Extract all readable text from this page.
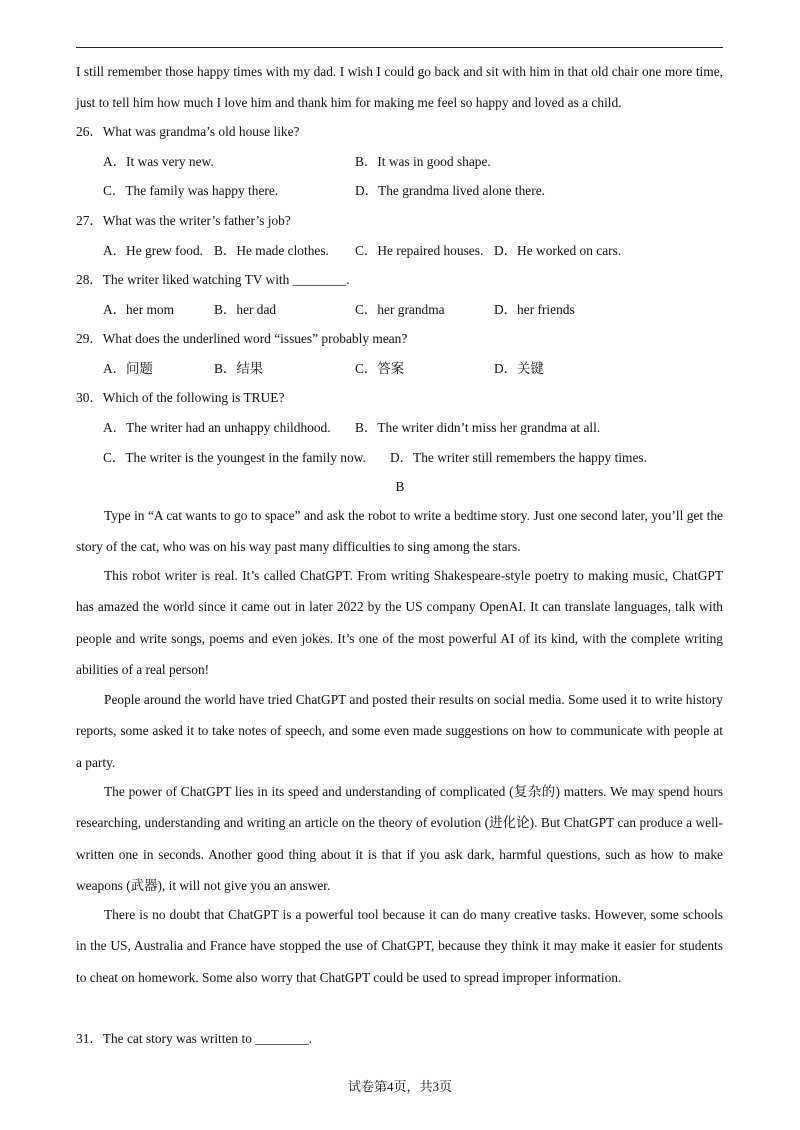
I still remember those happy times with my dad. I wish I could go back and sit with him in that old chair one more time, just to tell him how much I love him and thank him for making me feel so happy and loved as a child.

26．What was grandma’s old house like?
A．It was very new.	B．It was in good shape.
C．The family was happy there.	D．The grandma lived alone there.
27．What was the writer’s father’s job?
A．He grew food. B．He made clothes. C．He repaired houses. D．He worked on cars.
28．The writer liked watching TV with ________.
A．her mom	B．her dad	C．her grandma	D．her friends
29．What does the underlined word “issues” probably mean?
A．问题	B．结果	C．答案	D．关键
30．Which of the following is TRUE?
A．The writer had an unhappy childhood. B．The writer didn’t miss her grandma at all.
C．The writer is the youngest in the family now. D．The writer still remembers the happy times.
B

Type in “A cat wants to go to space” and ask the robot to write a bedtime story. Just one second later, you’ll get the story of the cat, who was on his way past many difficulties to sing among the stars.

This robot writer is real. It’s called ChatGPT. From writing Shakespeare-style poetry to making music, ChatGPT has amazed the world since it came out in later 2022 by the US company OpenAI. It can translate languages, talk with people and write songs, poems and even jokes. It’s one of the most powerful AI of its kind, with the complete writing abilities of a real person!

People around the world have tried ChatGPT and posted their results on social media. Some used it to write history reports, some asked it to take notes of speech, and some even made suggestions on how to communicate with people at a party.

The power of ChatGPT lies in its speed and understanding of complicated (复杂的) matters. We may spend hours researching, understanding and writing an article on the theory of evolution (进化论). But ChatGPT can produce a well-written one in seconds. Another good thing about it is that if you ask dark, harmful questions, such as how to make weapons (武器), it will not give you an answer.

There is no doubt that ChatGPT is a powerful tool because it can do many creative tasks. However, some schools in the US, Australia and France have stopped the use of ChatGPT, because they think it may make it easier for students to cheat on homework. Some also worry that ChatGPT could be used to spread improper information.

31．The cat story was written to ________.
试卷第4页，共3页
